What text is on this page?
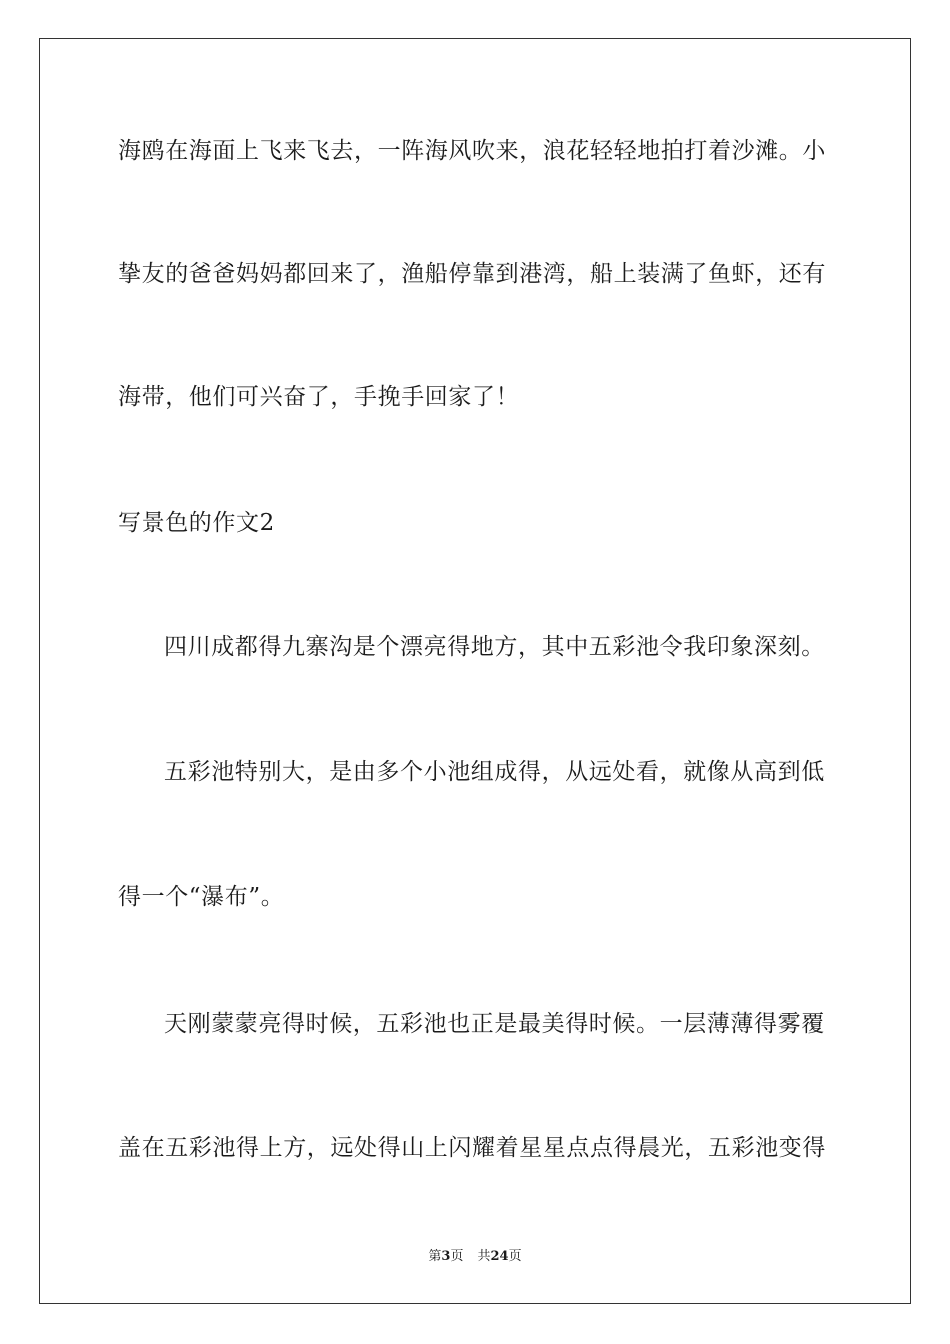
海鸥在海面上飞来飞去，一阵海风吹来，浪花轻轻地拍打着沙滩。小
挚友的爸爸妈妈都回来了，渔船停靠到港湾，船上装满了鱼虾，还有
海带，他们可兴奋了，手挽手回家了！
写景色的作文2
四川成都得九寨沟是个漂亮得地方，其中五彩池令我印象深刻。
五彩池特别大，是由多个小池组成得，从远处看，就像从高到低
得一个“瀑布”。
天刚蒙蒙亮得时候，五彩池也正是最美得时候。一层薄薄得雾覆
盖在五彩池得上方，远处得山上闪耀着星星点点得晨光，五彩池变得
第3页 共24页
